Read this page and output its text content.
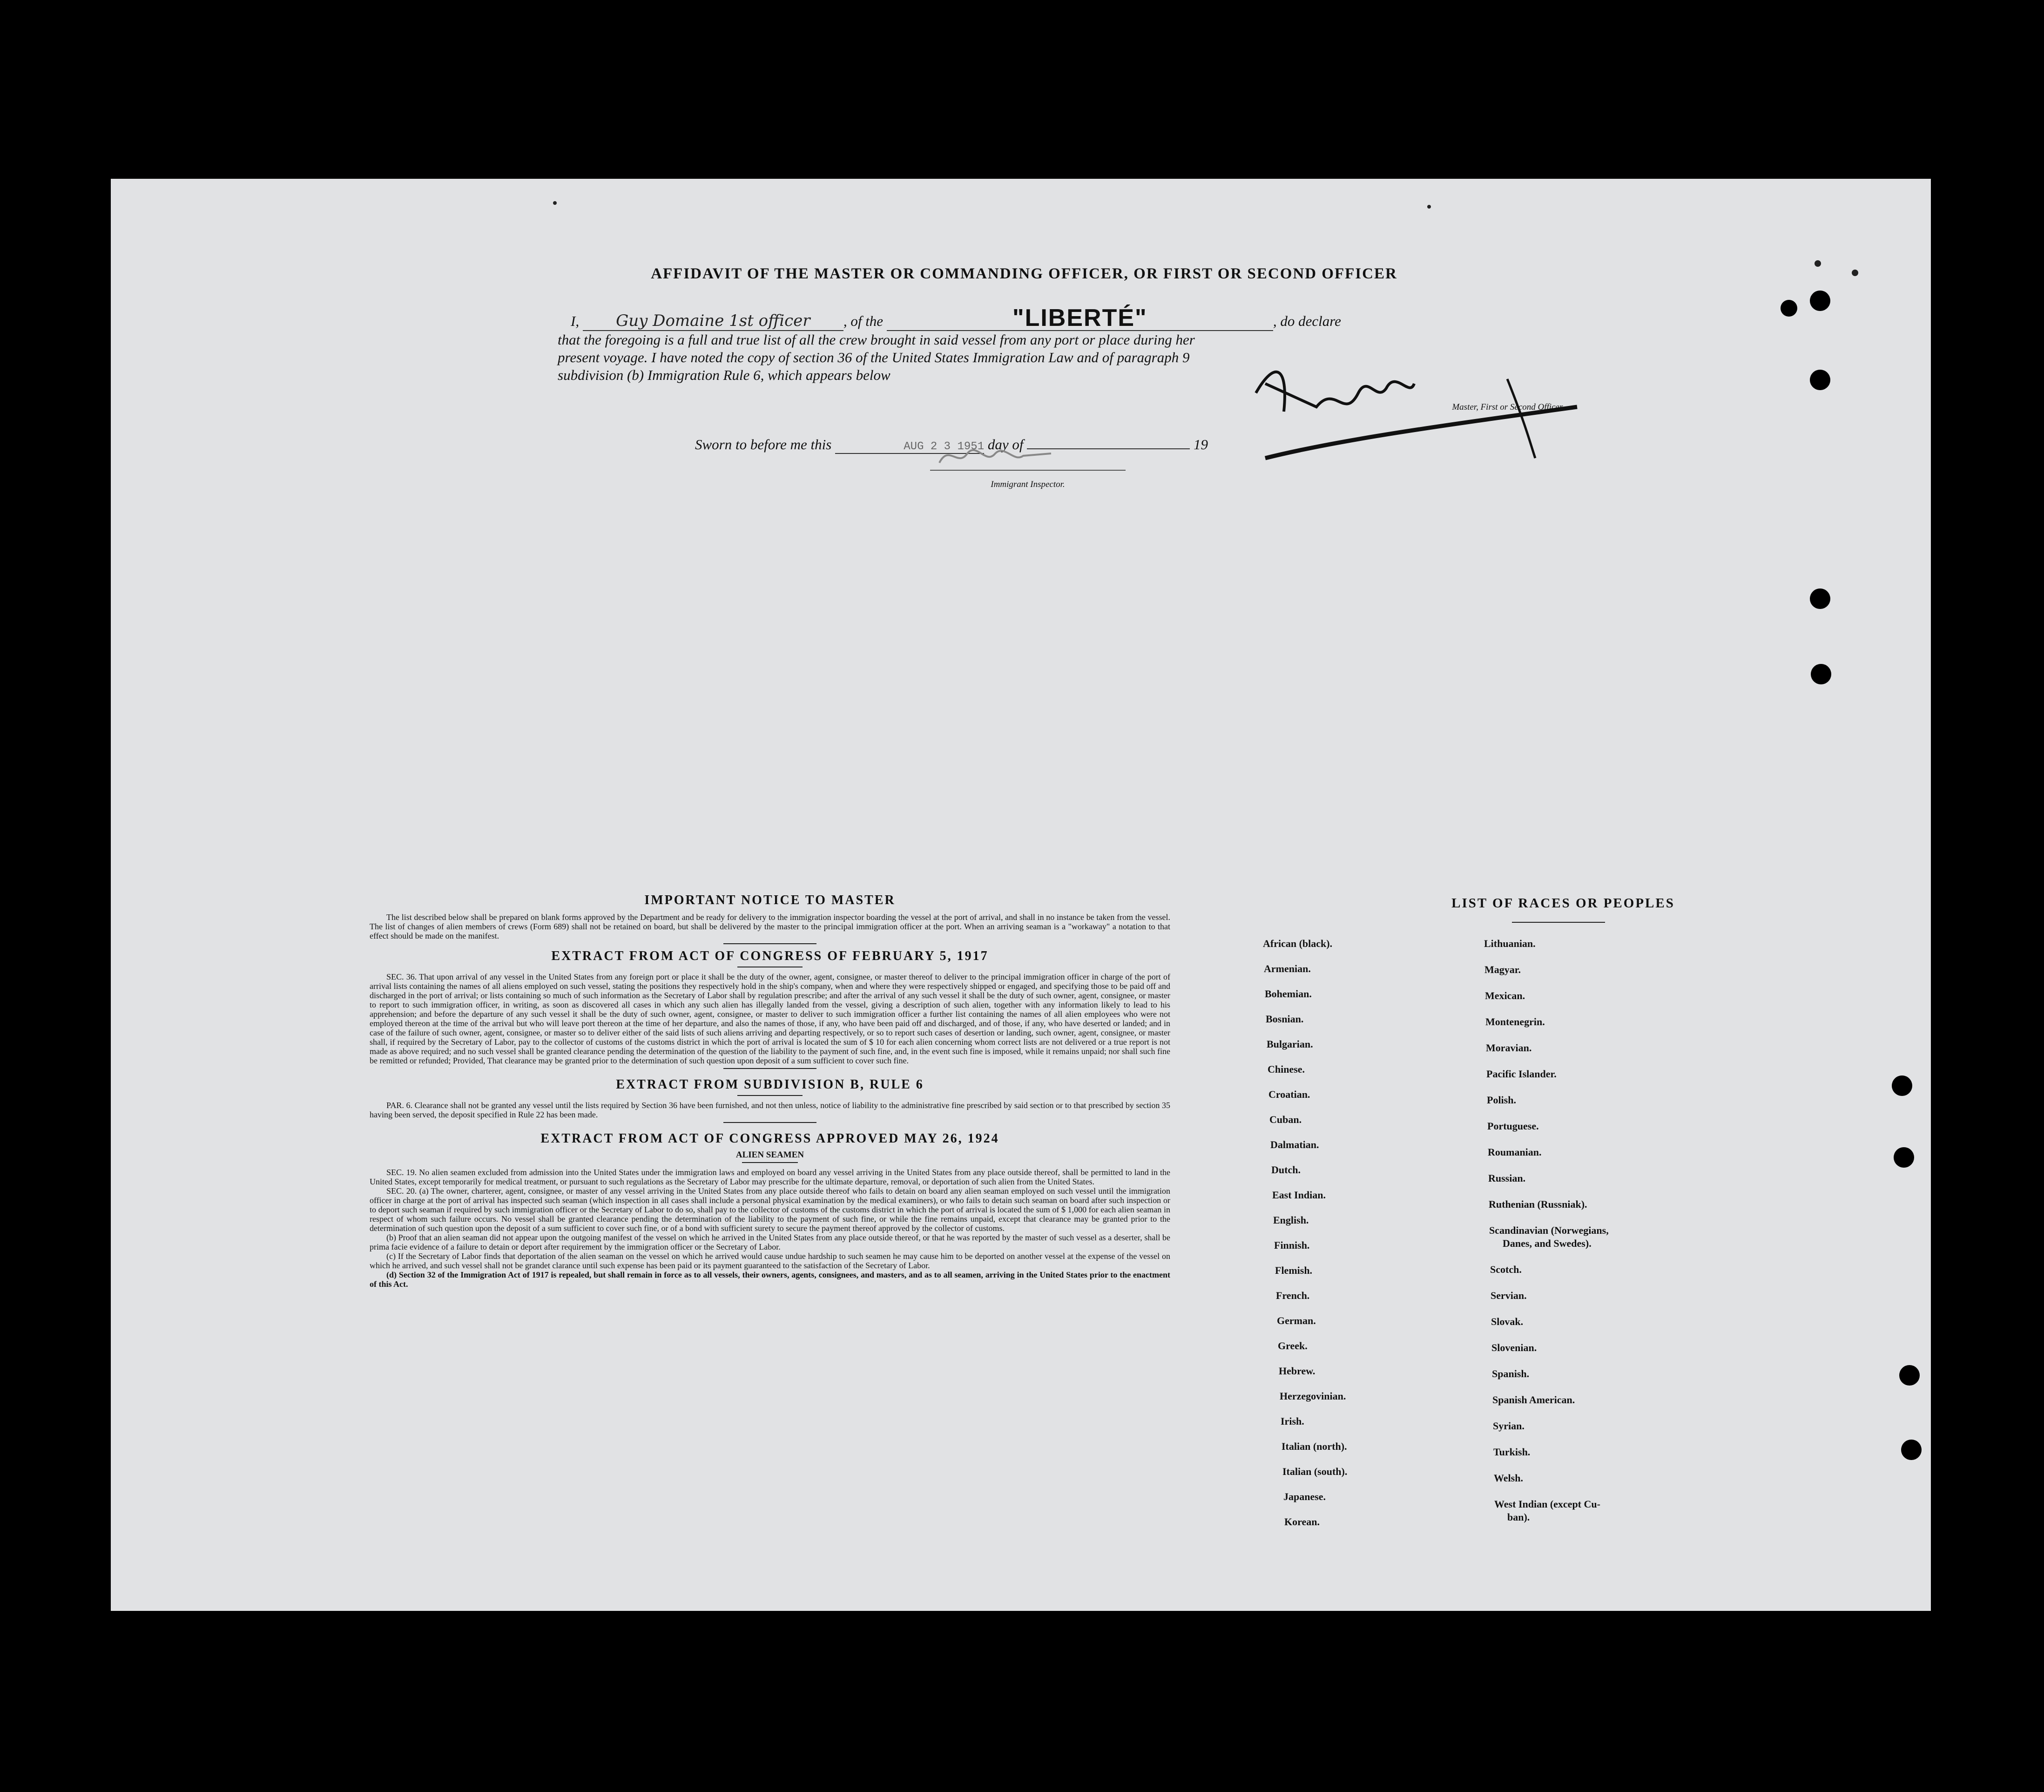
AFFIDAVIT OF THE MASTER OR COMMANDING OFFICER, OR FIRST OR SECOND OFFICER
I, Guy Domaine 1st officer , of the	"LIBERTÉ"	, do declare
that the foregoing is a full and true list of all the crew brought in said vessel from any port or place during her
present voyage. I have noted the copy of section 36 of the United States Immigration Law and of paragraph 9
subdivision (b) Immigration Rule 6, which appears below
Master, First or Second Officer.
Sworn to before me this	AUG 2 3 1951 day of	19
Immigrant Inspector.
IMPORTANT NOTICE TO MASTER

The list described below shall be prepared on blank forms approved by the Department and be ready for delivery to the immigration inspector boarding the vessel at the port of arrival, and shall in no instance be taken from the vessel. The list of changes of alien members of crews (Form 689) shall not be retained on board, but shall be delivered by the master to the principal immigration officer at the port. When an arriving seaman is a "workaway" a notation to that effect should be made on the manifest.

EXTRACT FROM ACT OF CONGRESS OF FEBRUARY 5, 1917

SEC. 36. That upon arrival of any vessel in the United States from any foreign port or place it shall be the duty of the owner, agent, consignee, or master thereof to deliver to the principal immigration officer in charge of the port of arrival lists containing the names of all aliens employed on such vessel, stating the positions they respectively hold in the ship's company, when and where they were respectively shipped or engaged, and specifying those to be paid off and discharged in the port of arrival; or lists containing so much of such information as the Secretary of Labor shall by regulation prescribe; and after the arrival of any such vessel it shall be the duty of such owner, agent, consignee, or master to report to such immigration officer, in writing, as soon as discovered all cases in which any such alien has illegally landed from the vessel, giving a description of such alien, together with any information likely to lead to his apprehension; and before the departure of any such vessel it shall be the duty of such owner, agent, consignee, or master to deliver to such immigration officer a further list containing the names of all alien employees who were not employed thereon at the time of the arrival but who will leave port thereon at the time of her departure, and also the names of those, if any, who have been paid off and discharged, and of those, if any, who have deserted or landed; and in case of the failure of such owner, agent, consignee, or master so to deliver either of the said lists of such aliens arriving and departing respectively, or so to report such cases of desertion or landing, such owner, agent, consignee, or master shall, if required by the Secretary of Labor, pay to the collector of customs of the customs district in which the port of arrival is located the sum of $ 10 for each alien concerning whom correct lists are not delivered or a true report is not made as above required; and no such vessel shall be granted clearance pending the determination of the question of the liability to the payment of such fine, and, in the event such fine is imposed, while it remains unpaid; nor shall such fine be remitted or refunded; Provided, That clearance may be granted prior to the determination of such question upon deposit of a sum sufficient to cover such fine.

EXTRACT FROM SUBDIVISION B, RULE 6

PAR. 6. Clearance shall not be granted any vessel until the lists required by Section 36 have been furnished, and not then unless, notice of liability to the administrative fine prescribed by said section or to that prescribed by section 35 having been served, the deposit specified in Rule 22 has been made.

EXTRACT FROM ACT OF CONGRESS APPROVED MAY 26, 1924
ALIEN SEAMEN

SEC. 19. No alien seamen excluded from admission into the United States under the immigration laws and employed on board any vessel arriving in the United States from any place outside thereof, shall be permitted to land in the United States, except temporarily for medical treatment, or pursuant to such regulations as the Secretary of Labor may prescribe for the ultimate departure, removal, or deportation of such alien from the United States.

SEC. 20. (a) The owner, charterer, agent, consignee, or master of any vessel arriving in the United States from any place outside thereof who fails to detain on board any alien seaman employed on such vessel until the immigration officer in charge at the port of arrival has inspected such seaman (which inspection in all cases shall include a personal physical examination by the medical examiners), or who fails to detain such seaman on board after such inspection or to deport such seaman if required by such immigration officer or the Secretary of Labor to do so, shall pay to the collector of customs of the customs district in which the port of arrival is located the sum of $ 1,000 for each alien seaman in respect of whom such failure occurs. No vessel shall be granted clearance pending the determination of the liability to the payment of such fine, or while the fine remains unpaid, except that clearance may be granted prior to the determination of such question upon the deposit of a sum sufficient to cover such fine, or of a bond with sufficient surety to secure the payment thereof approved by the collector of customs.

(b) Proof that an alien seaman did not appear upon the outgoing manifest of the vessel on which he arrived in the United States from any place outside thereof, or that he was reported by the master of such vessel as a deserter, shall be prima facie evidence of a failure to detain or deport after requirement by the immigration officer or the Secretary of Labor.

(c) If the Secretary of Labor finds that deportation of the alien seaman on the vessel on which he arrived would cause undue hardship to such seamen he may cause him to be deported on another vessel at the expense of the vessel on which he arrived, and such vessel shall not be grandet clarance until such expense has been paid or its payment guaranteed to the satisfaction of the Secretary of Labor.

(d) Section 32 of the Immigration Act of 1917 is repealed, but shall remain in force as to all vessels, their owners, agents, consignees, and masters, and as to all seamen, arriving in the United States prior to the enactment of this Act.

LIST OF RACES OR PEOPLES
African (black).
Armenian.
Bohemian.
Bosnian.
Bulgarian.
Chinese.
Croatian.
Cuban.
Dalmatian.
Dutch.
East Indian.
English.
Finnish.
Flemish.
French.
German.
Greek.
Hebrew.
Herzegovinian.
Irish.
Italian (north).
Italian (south).
Japanese.
Korean.
Lithuanian.
Magyar.
Mexican.
Montenegrin.
Moravian.
Pacific Islander.
Polish.
Portuguese.
Roumanian.
Russian.
Ruthenian (Russniak).
Scandinavian (Norwegians,
Danes, and Swedes).
Scotch.
Servian.
Slovak.
Slovenian.
Spanish.
Spanish American.
Syrian.
Turkish.
Welsh.
West Indian (except Cu-
ban).
